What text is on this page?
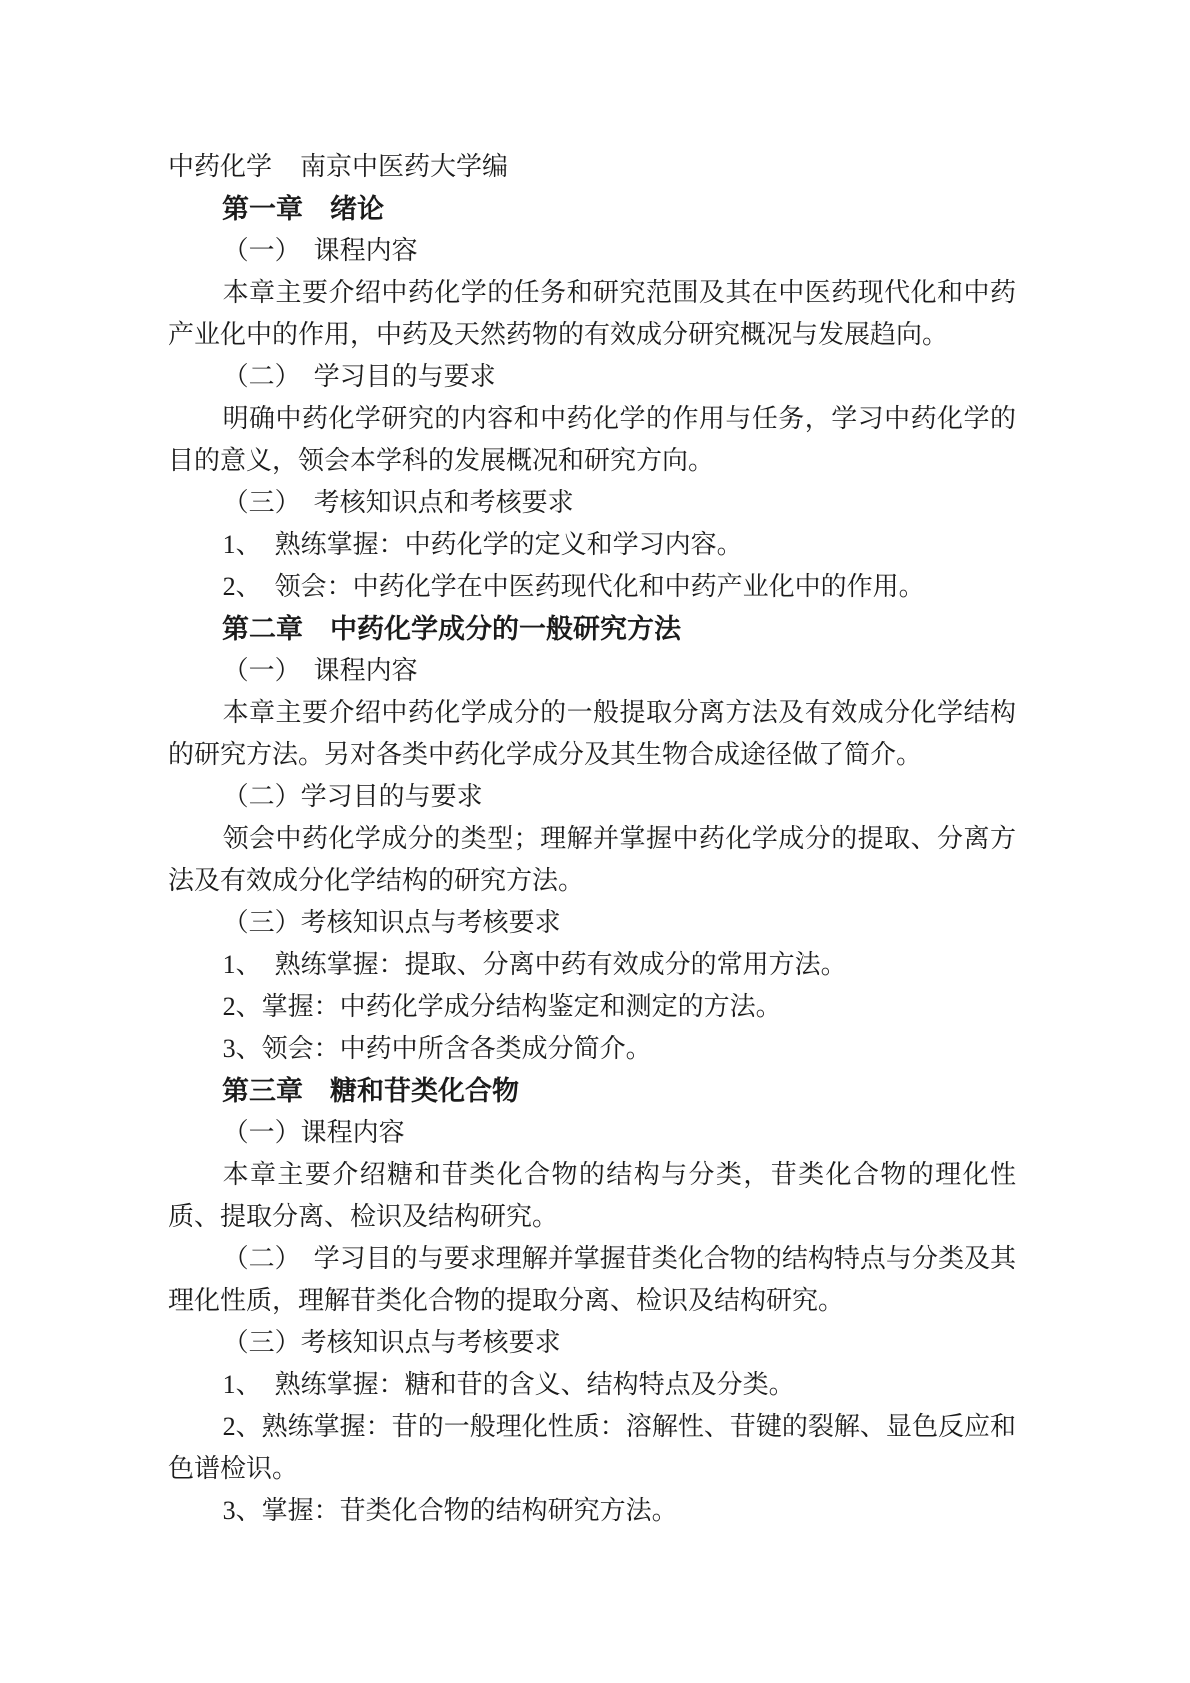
中药化学 南京中医药大学编

第一章　绪论

（一）　课程内容

本章主要介绍中药化学的任务和研究范围及其在中医药现代化和中药产业化中的作用，中药及天然药物的有效成分研究概况与发展趋向。

（二）　学习目的与要求

明确中药化学研究的内容和中药化学的作用与任务，学习中药化学的目的意义，领会本学科的发展概况和研究方向。

（三）　考核知识点和考核要求

1、　熟练掌握：中药化学的定义和学习内容。

2、　领会：中药化学在中医药现代化和中药产业化中的作用。

第二章　中药化学成分的一般研究方法

（一）　课程内容

本章主要介绍中药化学成分的一般提取分离方法及有效成分化学结构的研究方法。另对各类中药化学成分及其生物合成途径做了简介。

（二）学习目的与要求

领会中药化学成分的类型；理解并掌握中药化学成分的提取、分离方法及有效成分化学结构的研究方法。

（三）考核知识点与考核要求

1、　熟练掌握：提取、分离中药有效成分的常用方法。

2、掌握：中药化学成分结构鉴定和测定的方法。

3、领会：中药中所含各类成分简介。

第三章　糖和苷类化合物

（一）课程内容

本章主要介绍糖和苷类化合物的结构与分类，苷类化合物的理化性质、提取分离、检识及结构研究。

（二）　学习目的与要求理解并掌握苷类化合物的结构特点与分类及其理化性质，理解苷类化合物的提取分离、检识及结构研究。

（三）考核知识点与考核要求

1、　熟练掌握：糖和苷的含义、结构特点及分类。

2、熟练掌握：苷的一般理化性质：溶解性、苷键的裂解、显色反应和色谱检识。

3、掌握：苷类化合物的结构研究方法。
